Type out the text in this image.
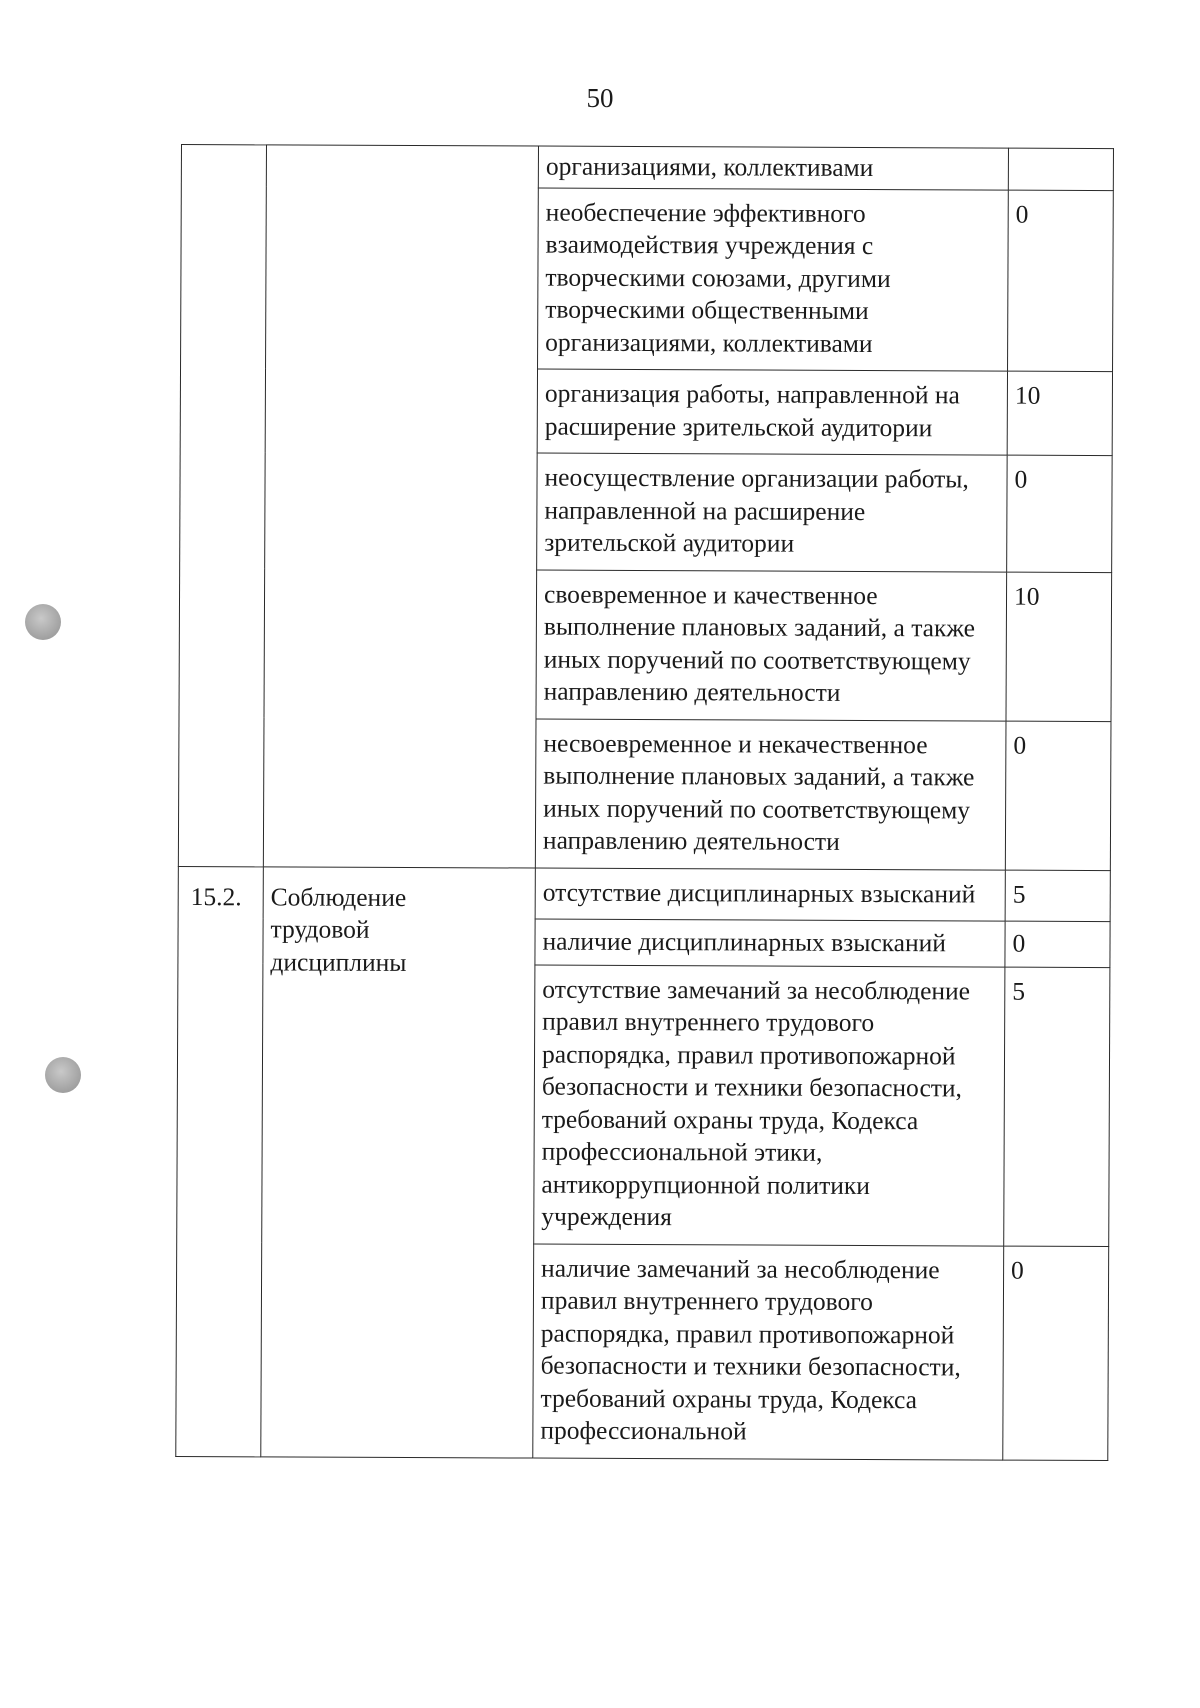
50
		организациями, коллективами	
		необеспечение эффективного взаимодействия учреждения с творческими союзами, другими творческими общественными организациями, коллективами	0
		организация работы, направленной на расширение зрительской аудитории	10
		неосуществление организации работы, направленной на расширение зрительской аудитории	0
		своевременное и качественное выполнение плановых заданий, а также иных поручений по соответствующему направлению деятельности	10
		несвоевременное и некачественное выполнение плановых заданий, а также иных поручений по соответствующему направлению деятельности	0
15.2.	Соблюдение трудовой дисциплины	отсутствие дисциплинарных взысканий	5
		наличие дисциплинарных взысканий	0
		отсутствие замечаний за несоблюдение правил внутреннего трудового распорядка, правил противопожарной безопасности и техники безопасности, требований охраны труда, Кодекса профессиональной этики, антикоррупционной политики учреждения	5
		наличие замечаний за несоблюдение правил внутреннего трудового распорядка, правил противопожарной безопасности и техники безопасности, требований охраны труда, Кодекса профессиональной	0
